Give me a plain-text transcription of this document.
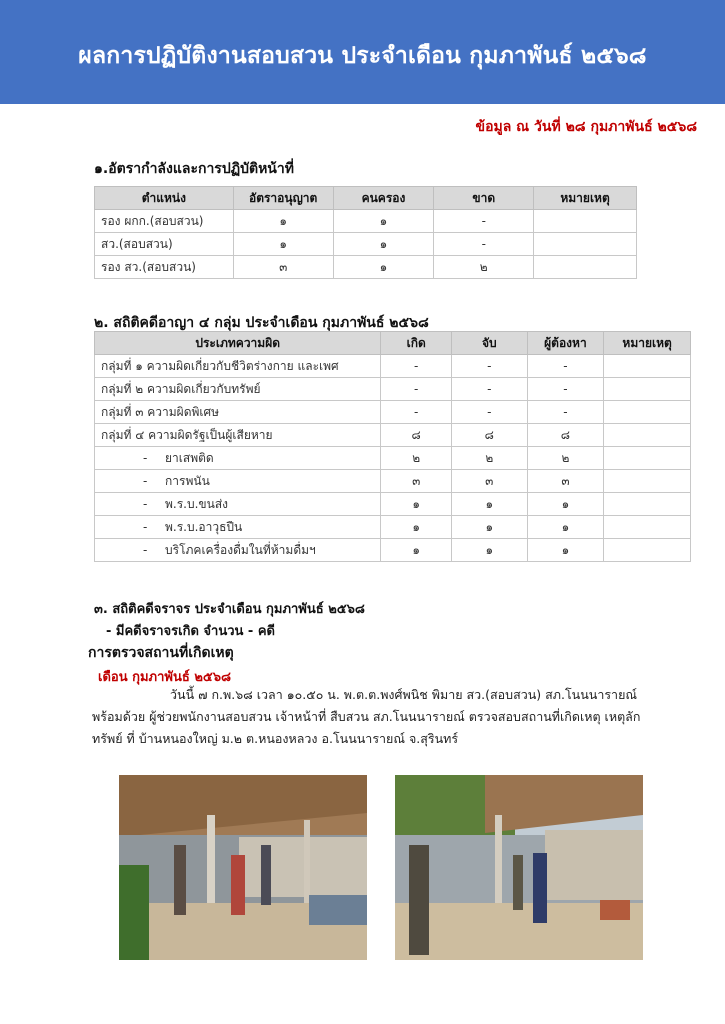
ผลการปฏิบัติงานสอบสวน ประจำเดือน กุมภาพันธ์ ๒๕๖๘
ข้อมูล ณ วันที่ ๒๘ กุมภาพันธ์ ๒๕๖๘
๑.อัตรากำลังและการปฏิบัติหน้าที่
ตำแหน่ง	อัตราอนุญาต	คนครอง	ขาด	หมายเหตุ
รอง ผกก.(สอบสวน)	๑	๑	-	
สว.(สอบสวน)	๑	๑	-	
รอง สว.(สอบสวน)	๓	๑	๒	
๒. สถิติคดีอาญา ๔ กลุ่ม ประจำเดือน กุมภาพันธ์ ๒๕๖๘
ประเภทความผิด	เกิด	จับ	ผู้ต้องหา	หมายเหตุ
กลุ่มที่ ๑ ความผิดเกี่ยวกับชีวิตร่างกาย และเพศ	-	-	-	
กลุ่มที่ ๒ ความผิดเกี่ยวกับทรัพย์	-	-	-	
กลุ่มที่ ๓ ความผิดพิเศษ	-	-	-	
กลุ่มที่ ๔ ความผิดรัฐเป็นผู้เสียหาย	๘	๘	๘	
- ยาเสพติด	๒	๒	๒	
- การพนัน	๓	๓	๓	
- พ.ร.บ.ขนส่ง	๑	๑	๑	
- พ.ร.บ.อาวุธปืน	๑	๑	๑	
- บริโภคเครื่องดื่มในที่ห้ามดื่มฯ	๑	๑	๑	
๓. สถิติคดีจราจร ประจำเดือน กุมภาพันธ์ ๒๕๖๘
- มีคดีจราจรเกิด จำนวน - คดี
การตรวจสถานที่เกิดเหตุ
เดือน กุมภาพันธ์ ๒๕๖๘
วันนี้ ๗ ก.พ.๖๘ เวลา ๑๐.๕๐ น. พ.ต.ต.พงศ์พนิช พิมาย สว.(สอบสวน) สภ.โนนนารายณ์
พร้อมด้วย ผู้ช่วยพนักงานสอบสวน เจ้าหน้าที่ สืบสวน สภ.โนนนารายณ์ ตรวจสอบสถานที่เกิดเหตุ เหตุลัก
ทรัพย์ ที่ บ้านหนองใหญ่ ม.๒ ต.หนองหลวง อ.โนนนารายณ์ จ.สุรินทร์
